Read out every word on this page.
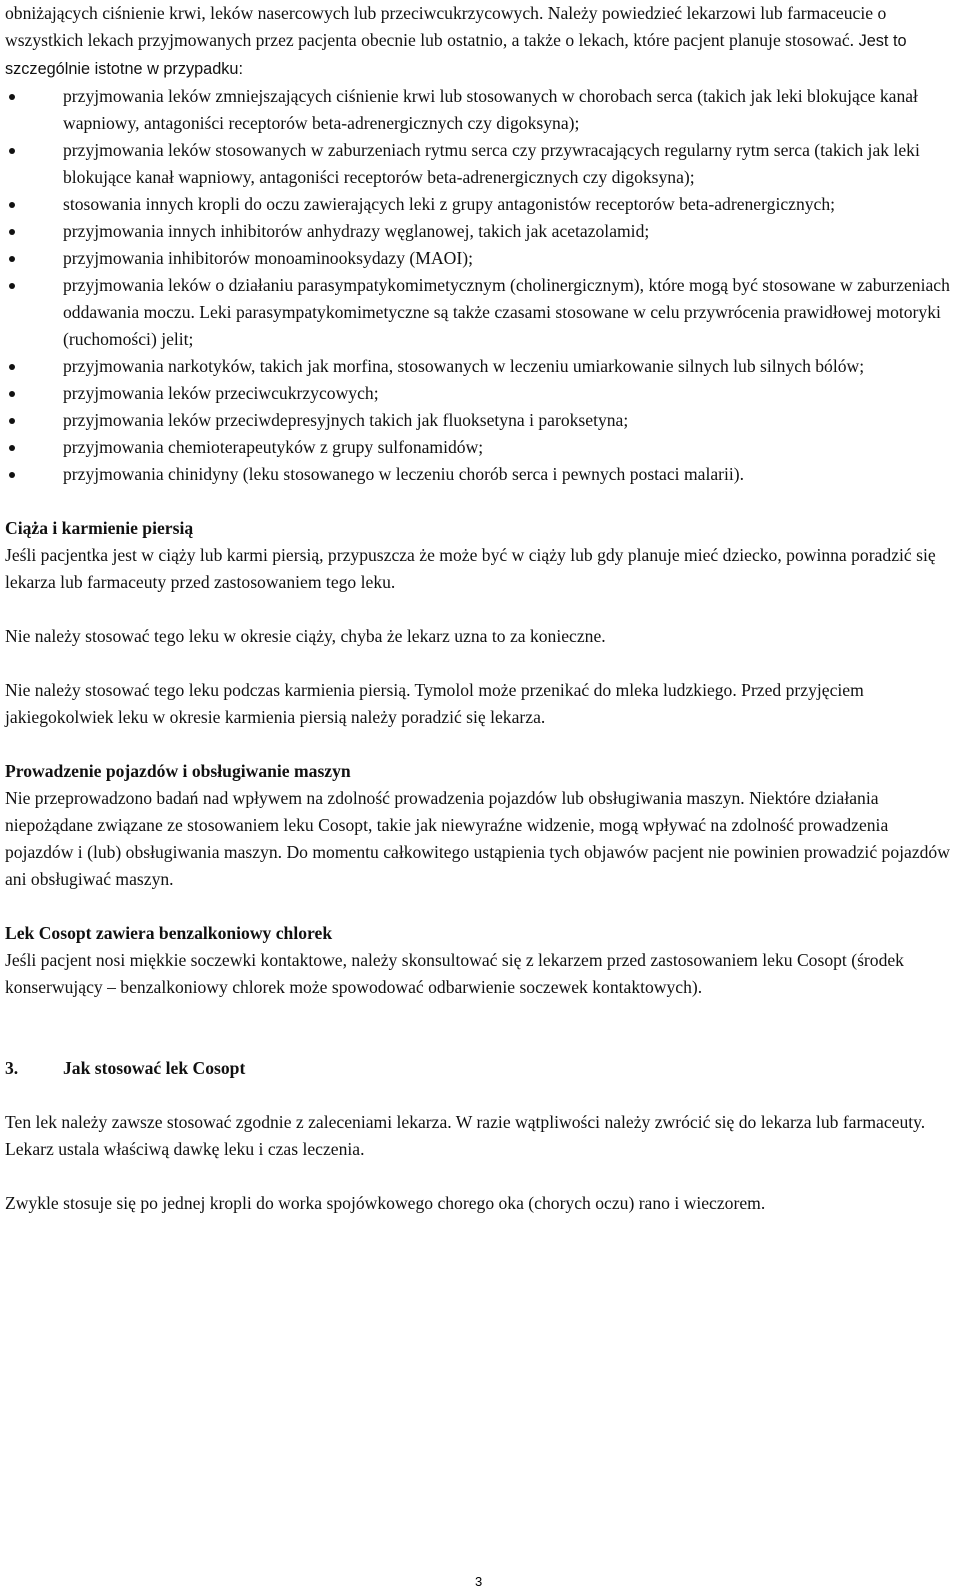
obniżających ciśnienie krwi, leków nasercowych lub przeciwcukrzycowych. Należy powiedzieć lekarzowi lub farmaceucie o wszystkich lekach przyjmowanych przez pacjenta obecnie lub ostatnio, a także o lekach, które pacjent planuje stosować. Jest to szczególnie istotne w przypadku:

przyjmowania leków zmniejszających ciśnienie krwi lub stosowanych w chorobach serca (takich jak leki blokujące kanał wapniowy, antagoniści receptorów beta-adrenergicznych czy digoksyna);
przyjmowania leków stosowanych w zaburzeniach rytmu serca czy przywracających regularny rytm serca (takich jak leki blokujące kanał wapniowy, antagoniści receptorów beta-adrenergicznych czy digoksyna);
stosowania innych kropli do oczu zawierających leki z grupy antagonistów receptorów beta-adrenergicznych;
przyjmowania innych inhibitorów anhydrazy węglanowej, takich jak acetazolamid;
przyjmowania inhibitorów monoaminooksydazy (MAOI);
przyjmowania leków o działaniu parasympatykomimetycznym (cholinergicznym), które mogą być stosowane w zaburzeniach oddawania moczu. Leki parasympatykomimetyczne są także czasami stosowane w celu przywrócenia prawidłowej motoryki (ruchomości) jelit;
przyjmowania narkotyków, takich jak morfina, stosowanych w leczeniu umiarkowanie silnych lub silnych bólów;
przyjmowania leków przeciwcukrzycowych;
przyjmowania leków przeciwdepresyjnych takich jak fluoksetyna i paroksetyna;
przyjmowania chemioterapeutyków z grupy sulfonamidów;
przyjmowania chinidyny (leku stosowanego w leczeniu chorób serca i pewnych postaci malarii).
Ciąża i karmienie piersią

Jeśli pacjentka jest w ciąży lub karmi piersią, przypuszcza że może być w ciąży lub gdy planuje mieć dziecko, powinna poradzić się lekarza lub farmaceuty przed zastosowaniem tego leku.

Nie należy stosować tego leku w okresie ciąży, chyba że lekarz uzna to za konieczne.

Nie należy stosować tego leku podczas karmienia piersią. Tymolol może przenikać do mleka ludzkiego. Przed przyjęciem jakiegokolwiek leku w okresie karmienia piersią należy poradzić się lekarza.

Prowadzenie pojazdów i obsługiwanie maszyn

Nie przeprowadzono badań nad wpływem na zdolność prowadzenia pojazdów lub obsługiwania maszyn. Niektóre działania niepożądane związane ze stosowaniem leku Cosopt, takie jak niewyraźne widzenie, mogą wpływać na zdolność prowadzenia pojazdów i (lub) obsługiwania maszyn. Do momentu całkowitego ustąpienia tych objawów pacjent nie powinien prowadzić pojazdów ani obsługiwać maszyn.

Lek Cosopt zawiera benzalkoniowy chlorek

Jeśli pacjent nosi miękkie soczewki kontaktowe, należy skonsultować się z lekarzem przed zastosowaniem leku Cosopt (środek konserwujący – benzalkoniowy chlorek może spowodować odbarwienie soczewek kontaktowych).

3.	Jak stosować lek Cosopt

Ten lek należy zawsze stosować zgodnie z zaleceniami lekarza. W razie wątpliwości należy zwrócić się do lekarza lub farmaceuty. Lekarz ustala właściwą dawkę leku i czas leczenia.

Zwykle stosuje się po jednej kropli do worka spojówkowego chorego oka (chorych oczu) rano i wieczorem.

3
